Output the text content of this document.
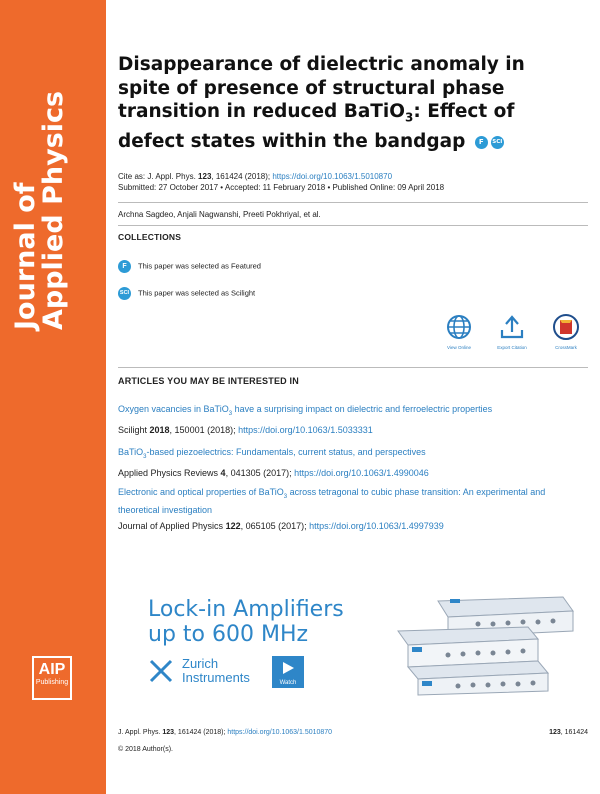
Journal of
Applied Physics
AIP
Publishing
Disappearance of dielectric anomaly in spite of presence of structural phase transition in reduced BaTiO$_3$: Effect of defect states within the bandgap F SCI
Cite as: J. Appl. Phys. 123, 161424 (2018); https://doi.org/10.1063/1.5010870
Submitted: 27 October 2017 • Accepted: 11 February 2018 • Published Online: 09 April 2018
Archna Sagdeo, Anjali Nagwanshi, Preeti Pokhriyal, et al.
COLLECTIONS
F This paper was selected as Featured
SCI This paper was selected as Scilight
View Online	Export Citation	CrossMark
ARTICLES YOU MAY BE INTERESTED IN
Oxygen vacancies in BaTiO$_3$ have a surprising impact on dielectric and ferroelectric properties
Scilight 2018, 150001 (2018); https://doi.org/10.1063/1.5033331
BaTiO$_3$-based piezoelectrics: Fundamentals, current status, and perspectives
Applied Physics Reviews 4, 041305 (2017); https://doi.org/10.1063/1.4990046
Electronic and optical properties of BaTiO$_3$ across tetragonal to cubic phase transition: An experimental and theoretical investigation
Journal of Applied Physics 122, 065105 (2017); https://doi.org/10.1063/1.4997939
Lock-in Amplifiers
up to 600 MHz
Zurich
Instruments	Watch
J. Appl. Phys. 123, 161424 (2018); https://doi.org/10.1063/1.5010870	123, 161424
© 2018 Author(s).
